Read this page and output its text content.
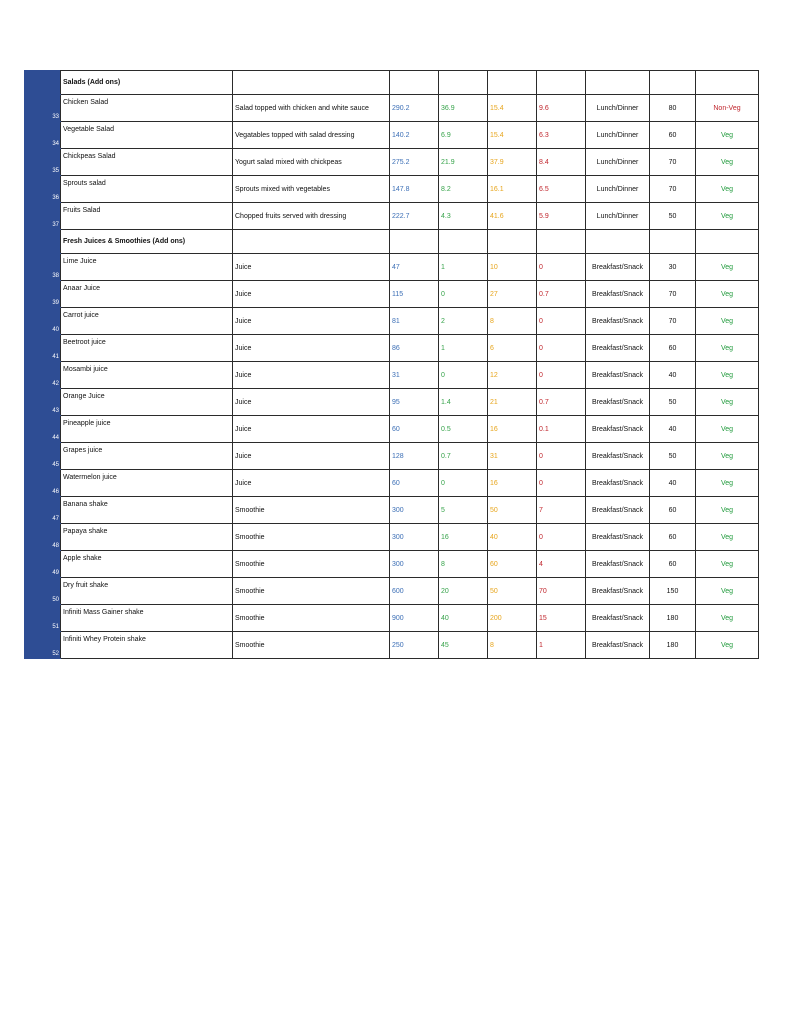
	Salads (Add ons)								
33	Chicken Salad	Salad topped with chicken and white sauce	290.2	36.9	15.4	9.6	Lunch/Dinner	80	Non-Veg
34	Vegetable Salad	Vegatables topped with salad dressing	140.2	6.9	15.4	6.3	Lunch/Dinner	60	Veg
35	Chickpeas Salad	Yogurt salad mixed with chickpeas	275.2	21.9	37.9	8.4	Lunch/Dinner	70	Veg
36	Sprouts salad	Sprouts mixed with vegetables	147.8	8.2	16.1	6.5	Lunch/Dinner	70	Veg
37	Fruits Salad	Chopped fruits served with dressing	222.7	4.3	41.6	5.9	Lunch/Dinner	50	Veg
	Fresh Juices & Smoothies (Add ons)								
38	Lime Juice	Juice	47	1	10	0	Breakfast/Snack	30	Veg
39	Anaar Juice	Juice	115	0	27	0.7	Breakfast/Snack	70	Veg
40	Carrot juice	Juice	81	2	8	0	Breakfast/Snack	70	Veg
41	Beetroot juice	Juice	86	1	6	0	Breakfast/Snack	60	Veg
42	Mosambi juice	Juice	31	0	12	0	Breakfast/Snack	40	Veg
43	Orange Juice	Juice	95	1.4	21	0.7	Breakfast/Snack	50	Veg
44	Pineapple juice	Juice	60	0.5	16	0.1	Breakfast/Snack	40	Veg
45	Grapes juice	Juice	128	0.7	31	0	Breakfast/Snack	50	Veg
46	Watermelon juice	Juice	60	0	16	0	Breakfast/Snack	40	Veg
47	Banana shake	Smoothie	300	5	50	7	Breakfast/Snack	60	Veg
48	Papaya shake	Smoothie	300	16	40	0	Breakfast/Snack	60	Veg
49	Apple shake	Smoothie	300	8	60	4	Breakfast/Snack	60	Veg
50	Dry fruit shake	Smoothie	600	20	50	70	Breakfast/Snack	150	Veg
51	Infiniti Mass Gainer shake	Smoothie	900	40	200	15	Breakfast/Snack	180	Veg
52	Infiniti Whey Protein shake	Smoothie	250	45	8	1	Breakfast/Snack	180	Veg
